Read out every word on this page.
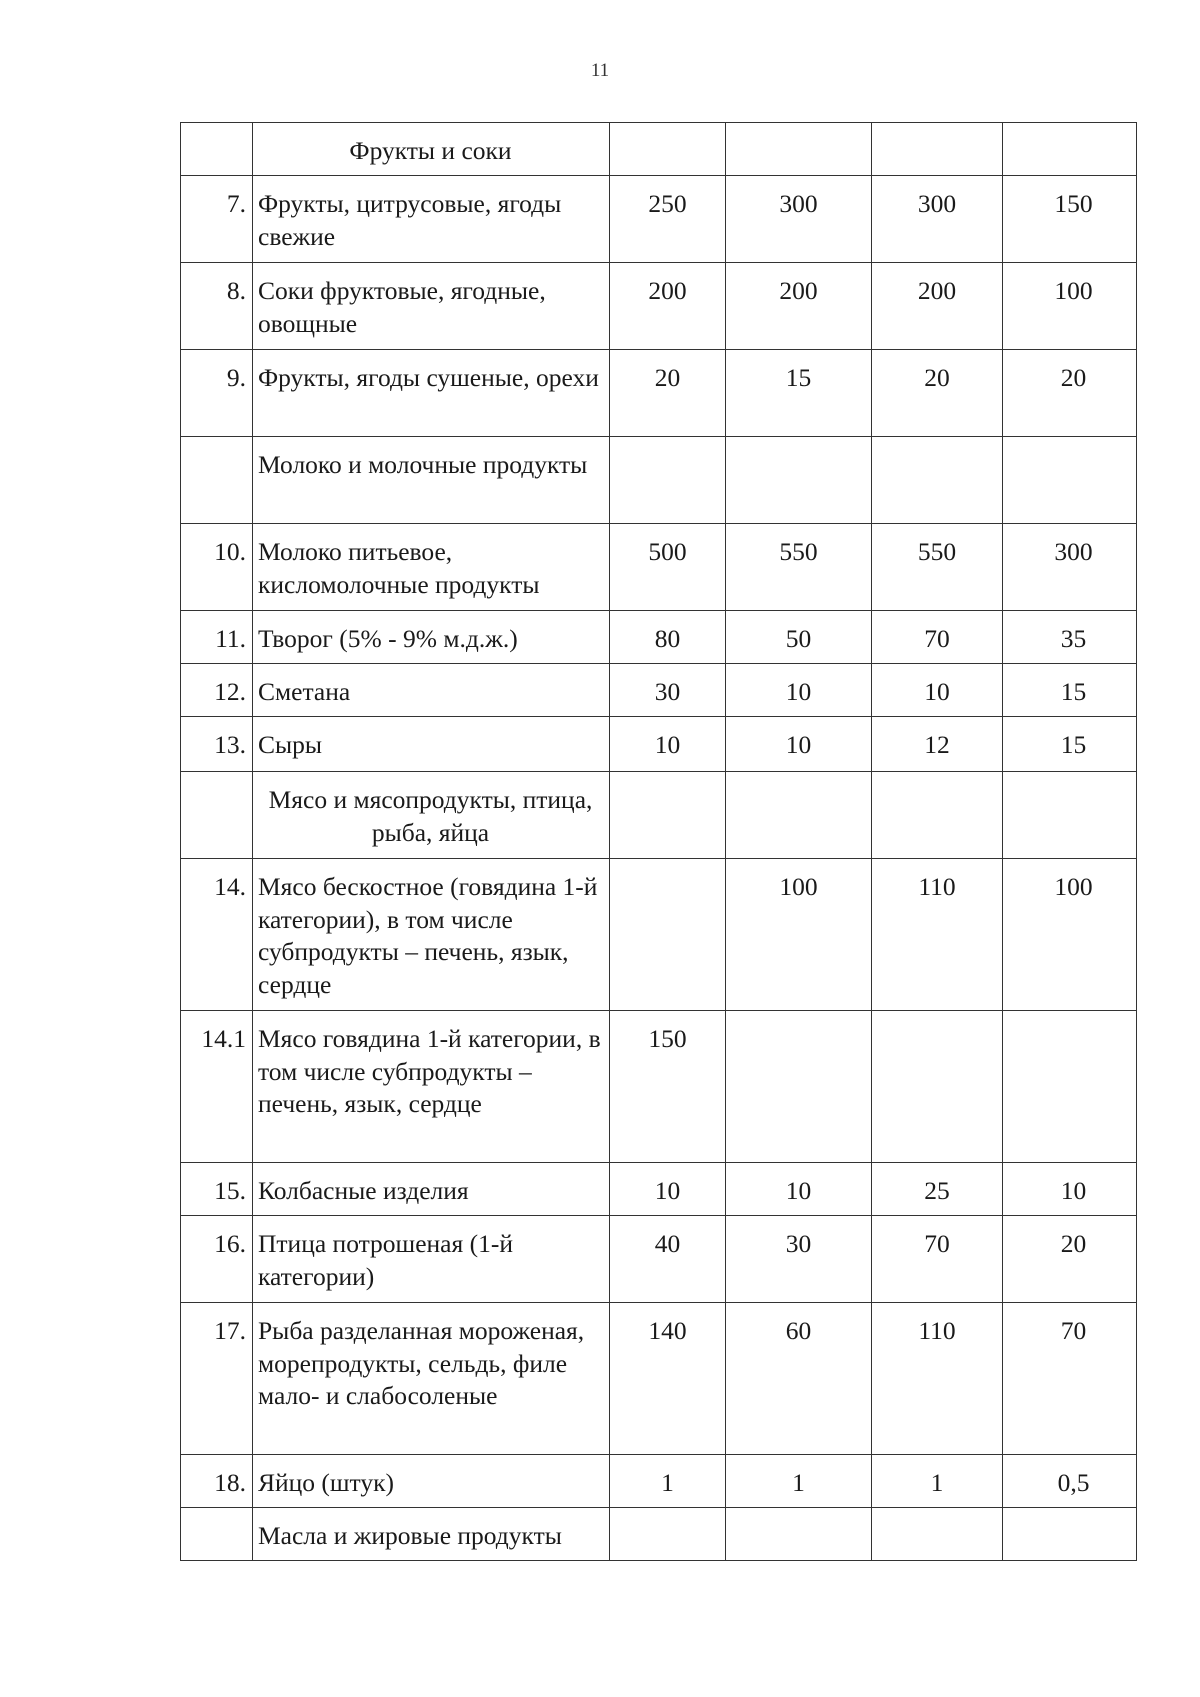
11
	Фрукты и соки				
7.	Фрукты, цитрусовые, ягоды свежие	250	300	300	150
8.	Соки фруктовые, ягодные, овощные	200	200	200	100
9.	Фрукты, ягоды сушеные, орехи	20	15	20	20
	Молоко и молочные продукты				
10.	Молоко питьевое, кисломолочные продукты	500	550	550	300
11.	Творог (5% - 9% м.д.ж.)	80	50	70	35
12.	Сметана	30	10	10	15
13.	Сыры	10	10	12	15
	Мясо и мясопродукты, птица, рыба, яйца				
14.	Мясо бескостное (говядина 1-й категории), в том числе субпродукты – печень, язык, сердце		100	110	100
14.1	Мясо говядина 1-й категории, в том числе субпродукты – печень, язык, сердце	150			
15.	Колбасные изделия	10	10	25	10
16.	Птица потрошеная (1-й категории)	40	30	70	20
17.	Рыба разделанная мороженая, морепродукты, сельдь, филе мало- и слабосоленые	140	60	110	70
18.	Яйцо (штук)	1	1	1	0,5
	Масла и жировые продукты				
